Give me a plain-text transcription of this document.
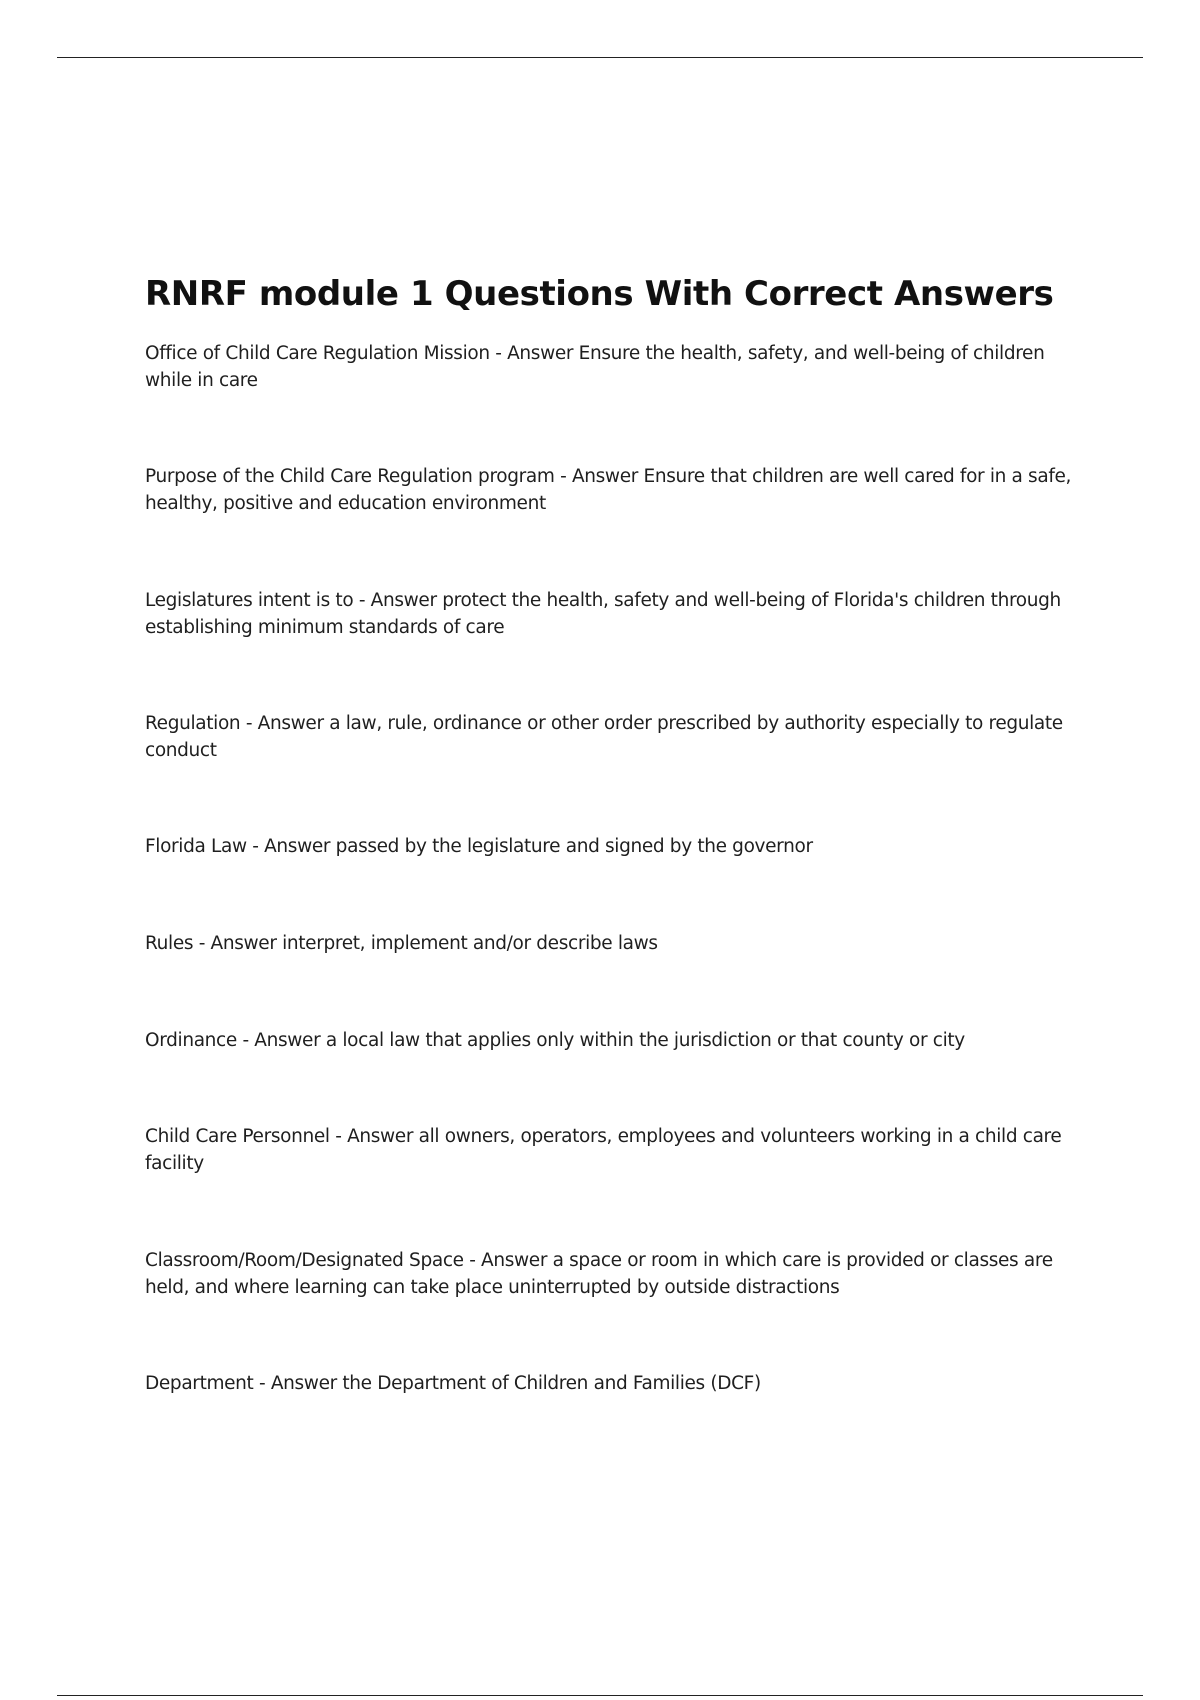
RNRF module 1 Questions With Correct Answers
Office of Child Care Regulation Mission - Answer Ensure the health, safety, and well-being of children while in care
Purpose of the Child Care Regulation program - Answer Ensure that children are well cared for in a safe, healthy, positive and education environment
Legislatures intent is to - Answer protect the health, safety and well-being of Florida's children through establishing minimum standards of care
Regulation - Answer a law, rule, ordinance or other order prescribed by authority especially to regulate conduct
Florida Law - Answer passed by the legislature and signed by the governor
Rules - Answer interpret, implement and/or describe laws
Ordinance - Answer a local law that applies only within the jurisdiction or that county or city
Child Care Personnel - Answer all owners, operators, employees and volunteers working in a child care facility
Classroom/Room/Designated Space - Answer a space or room in which care is provided or classes are held, and where learning can take place uninterrupted by outside distractions
Department - Answer the Department of Children and Families (DCF)
